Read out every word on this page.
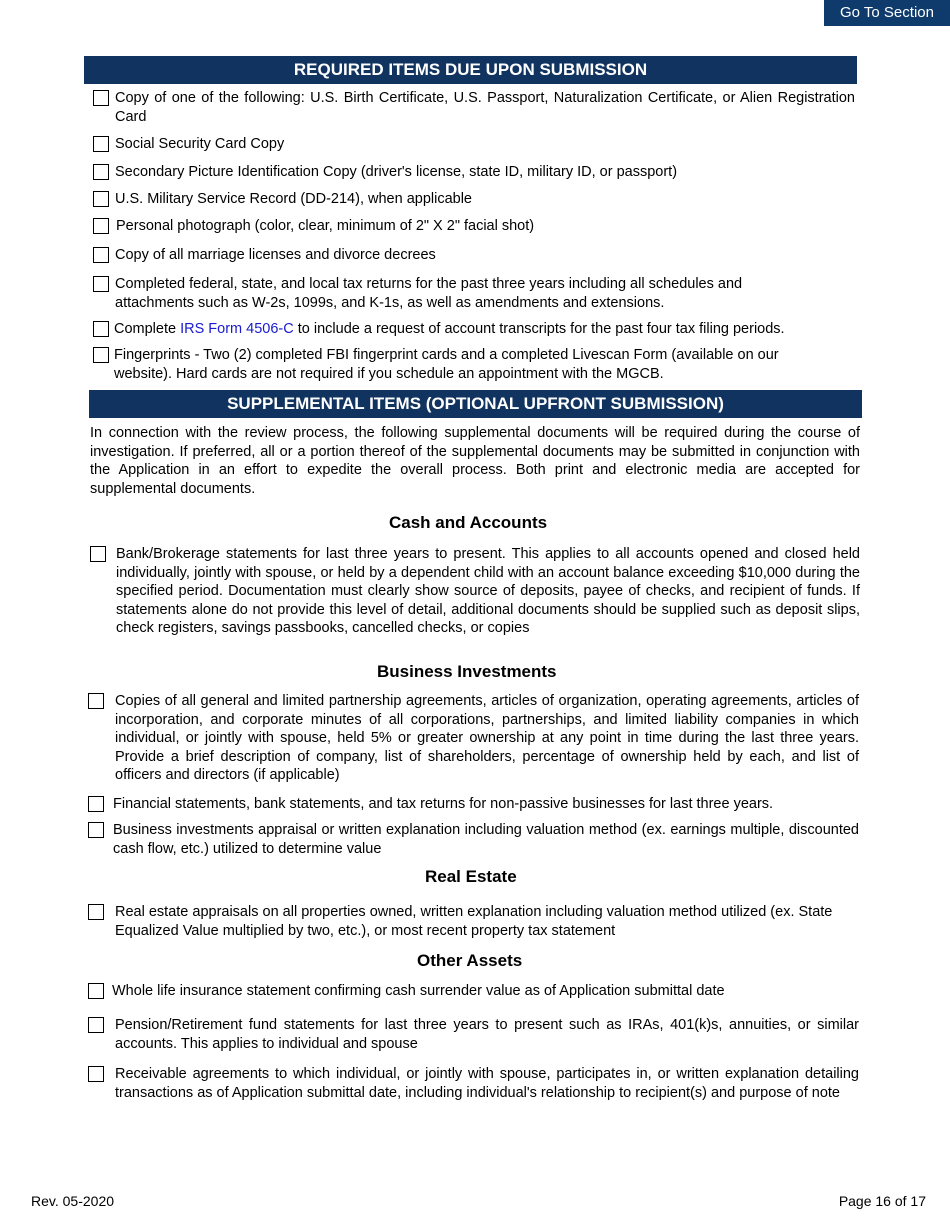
Go To Section
REQUIRED ITEMS DUE UPON SUBMISSION
Copy of one of the following: U.S. Birth Certificate, U.S. Passport, Naturalization Certificate, or Alien Registration Card
Social Security Card Copy
Secondary Picture Identification Copy (driver's license, state ID, military ID, or passport)
U.S. Military Service Record (DD-214), when applicable
Personal photograph (color, clear, minimum of 2" X 2" facial shot)
Copy of all marriage licenses and divorce decrees
Completed federal, state, and local tax returns for the past three years including all schedules and attachments such as W-2s, 1099s, and K-1s, as well as amendments and extensions.
Complete IRS Form 4506-C to include a request of account transcripts for the past four tax filing periods.
Fingerprints - Two (2) completed FBI fingerprint cards and a completed Livescan Form (available on our website). Hard cards are not required if you schedule an appointment with the MGCB.
SUPPLEMENTAL ITEMS (OPTIONAL UPFRONT SUBMISSION)
In connection with the review process, the following supplemental documents will be required during the course of investigation. If preferred, all or a portion thereof of the supplemental documents may be submitted in conjunction with the Application in an effort to expedite the overall process. Both print and electronic media are accepted for supplemental documents.
Cash and Accounts
Bank/Brokerage statements for last three years to present. This applies to all accounts opened and closed held individually, jointly with spouse, or held by a dependent child with an account balance exceeding $10,000 during the specified period. Documentation must clearly show source of deposits, payee of checks, and recipient of funds. If statements alone do not provide this level of detail, additional documents should be supplied such as deposit slips, check registers, savings passbooks, cancelled checks, or copies
Business Investments
Copies of all general and limited partnership agreements, articles of organization, operating agreements, articles of incorporation, and corporate minutes of all corporations, partnerships, and limited liability companies in which individual, or jointly with spouse, held 5% or greater ownership at any point in time during the last three years. Provide a brief description of company, list of shareholders, percentage of ownership held by each, and list of officers and directors (if applicable)
Financial statements, bank statements, and tax returns for non-passive businesses for last three years.
Business investments appraisal or written explanation including valuation method (ex. earnings multiple, discounted cash flow, etc.) utilized to determine value
Real Estate
Real estate appraisals on all properties owned, written explanation including valuation method utilized (ex. State Equalized Value multiplied by two, etc.), or most recent property tax statement
Other Assets
Whole life insurance statement confirming cash surrender value as of Application submittal date
Pension/Retirement fund statements for last three years to present such as IRAs, 401(k)s, annuities, or similar accounts. This applies to individual and spouse
Receivable agreements to which individual, or jointly with spouse, participates in, or written explanation detailing transactions as of Application submittal date, including individual's relationship to recipient(s) and purpose of note
Rev. 05-2020	Page 16 of 17
